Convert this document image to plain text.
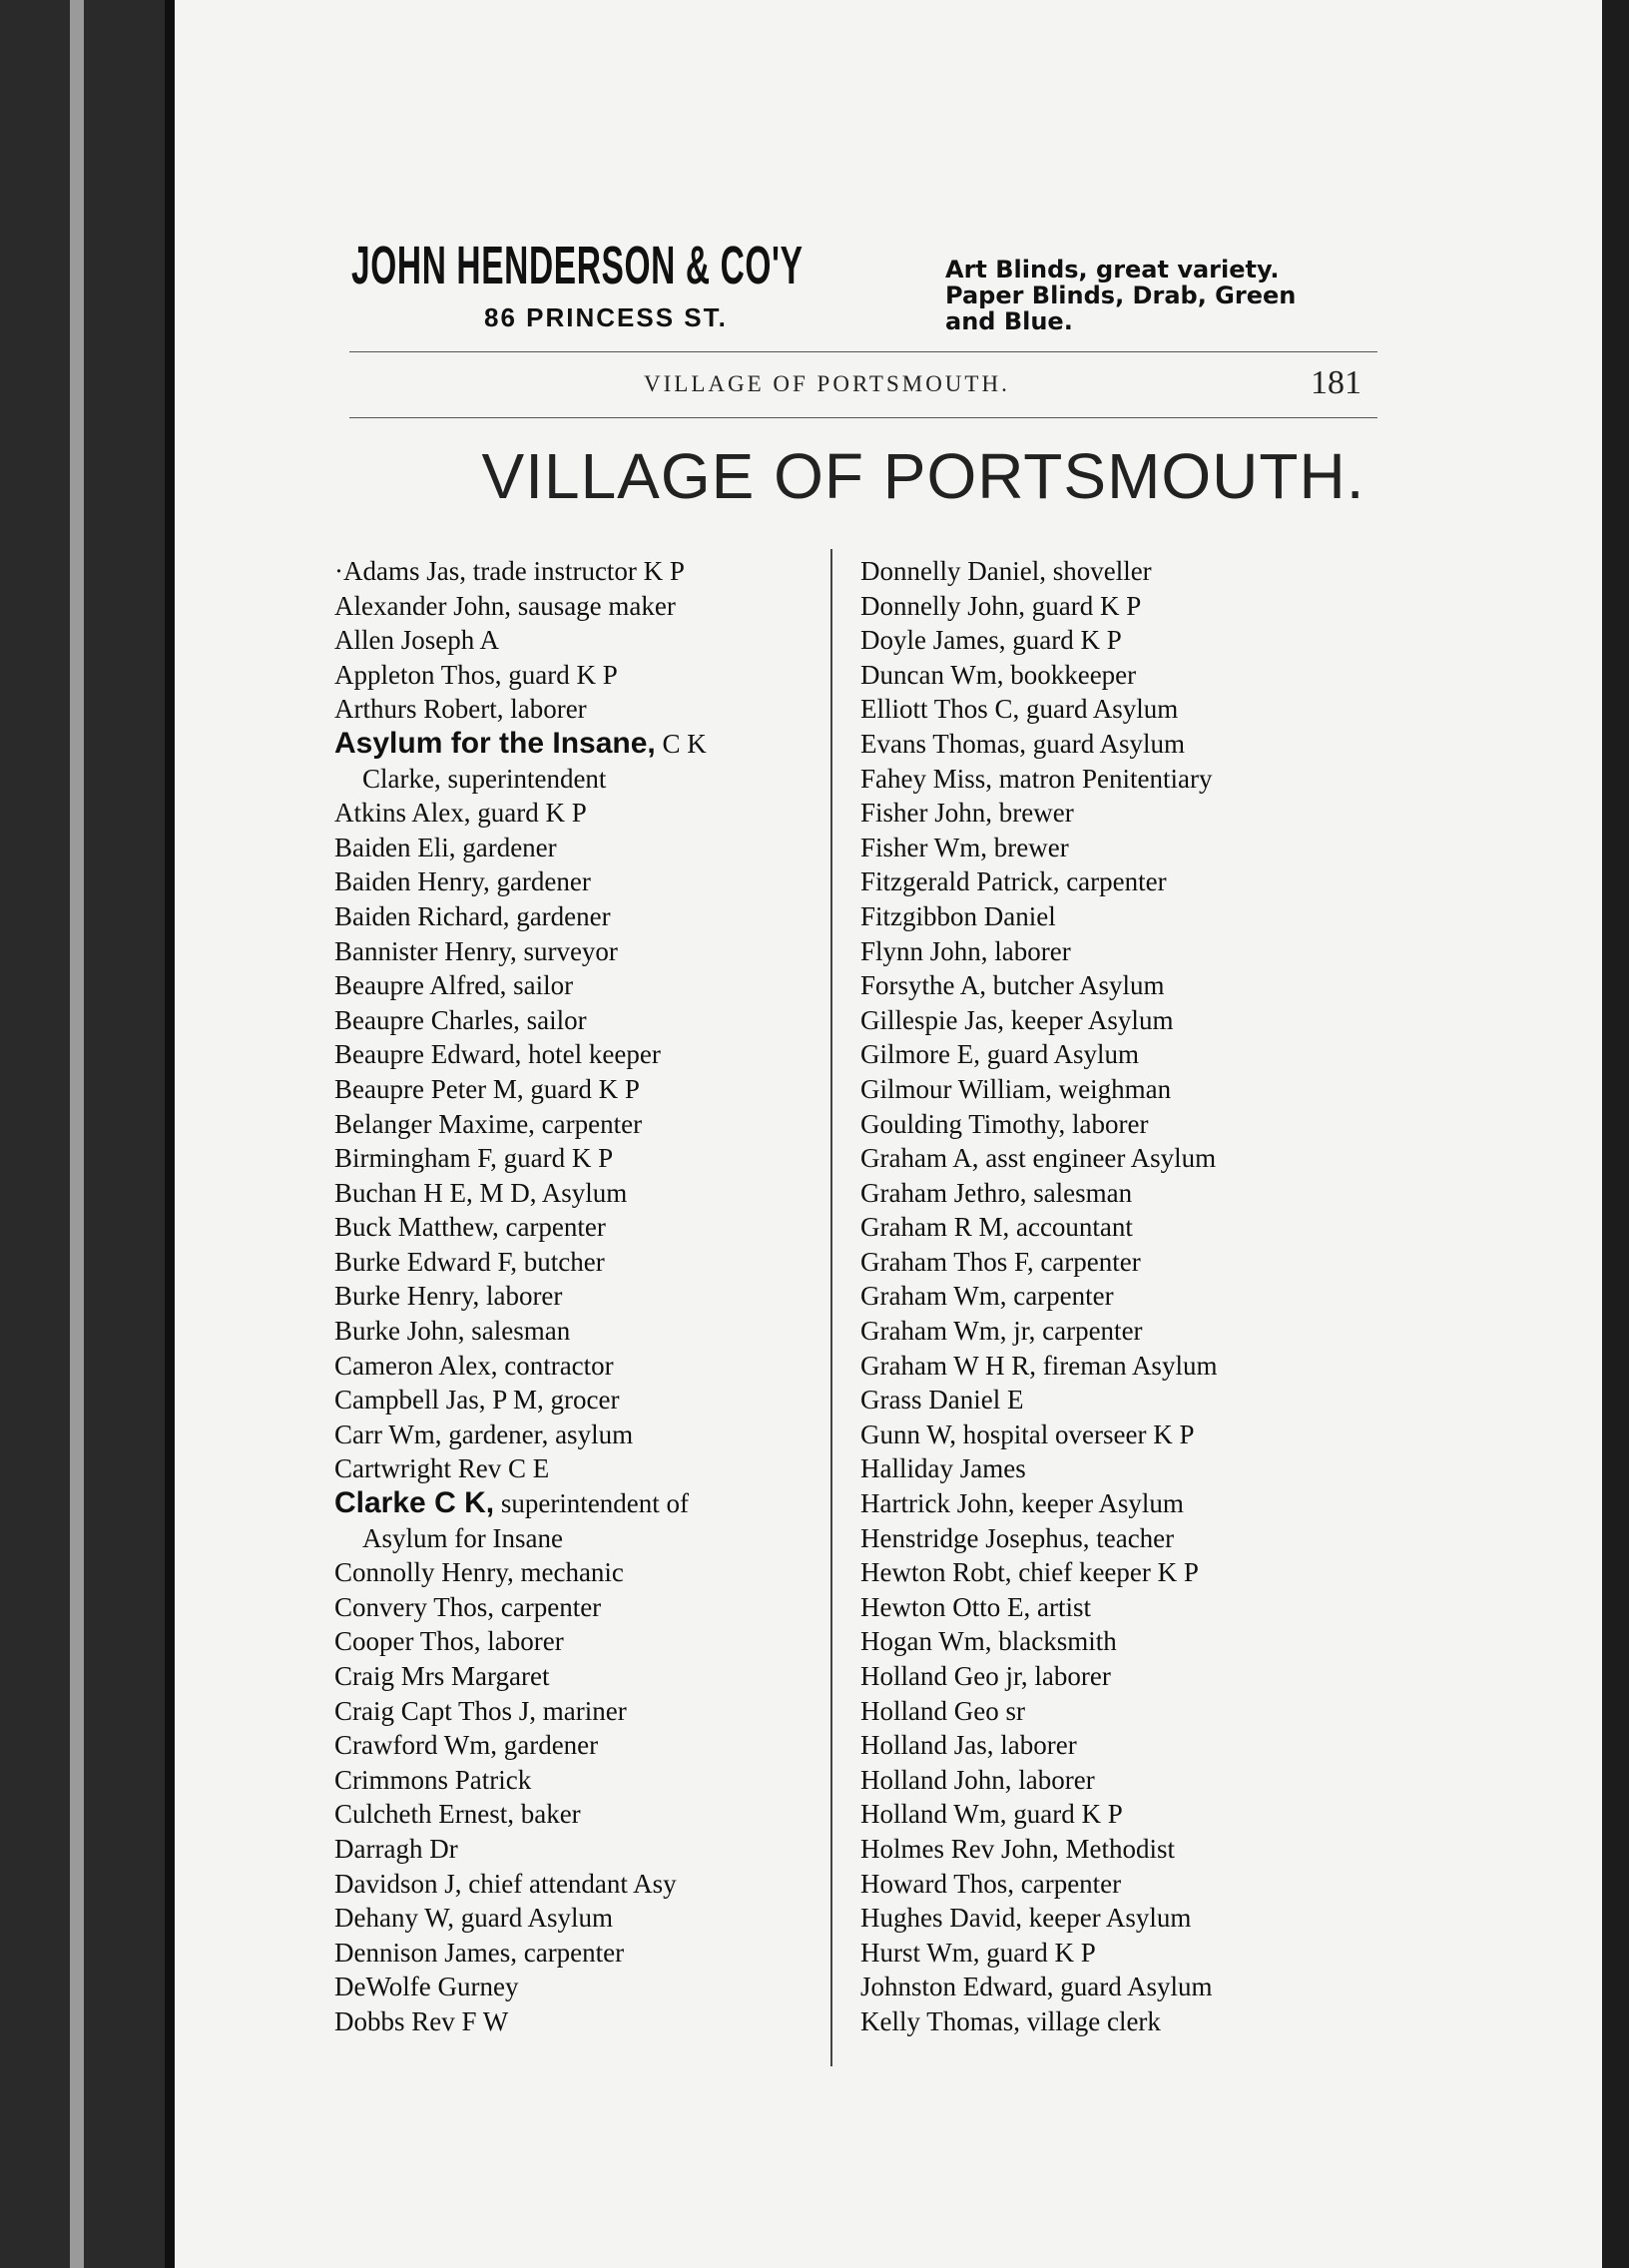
JOHN HENDERSON & CO'Y
86 PRINCESS ST.
Art Blinds, great variety.
Paper Blinds, Drab, Green
and Blue.
VILLAGE OF PORTSMOUTH.	181
VILLAGE OF PORTSMOUTH.
·Adams Jas, trade instructor K P
Alexander John, sausage maker
Allen Joseph A
Appleton Thos, guard K P
Arthurs Robert, laborer
Asylum for the Insane, C K
Clarke, superintendent
Atkins Alex, guard K P
Baiden Eli, gardener
Baiden Henry, gardener
Baiden Richard, gardener
Bannister Henry, surveyor
Beaupre Alfred, sailor
Beaupre Charles, sailor
Beaupre Edward, hotel keeper
Beaupre Peter M, guard K P
Belanger Maxime, carpenter
Birmingham F, guard K P
Buchan H E, M D, Asylum
Buck Matthew, carpenter
Burke Edward F, butcher
Burke Henry, laborer
Burke John, salesman
Cameron Alex, contractor
Campbell Jas, P M, grocer
Carr Wm, gardener, asylum
Cartwright Rev C E
Clarke C K, superintendent of
Asylum for Insane
Connolly Henry, mechanic
Convery Thos, carpenter
Cooper Thos, laborer
Craig Mrs Margaret
Craig Capt Thos J, mariner
Crawford Wm, gardener
Crimmons Patrick
Culcheth Ernest, baker
Darragh Dr
Davidson J, chief attendant Asy
Dehany W, guard Asylum
Dennison James, carpenter
DeWolfe Gurney
Dobbs Rev F W
Donnelly Daniel, shoveller
Donnelly John, guard K P
Doyle James, guard K P
Duncan Wm, bookkeeper
Elliott Thos C, guard Asylum
Evans Thomas, guard Asylum
Fahey Miss, matron Penitentiary
Fisher John, brewer
Fisher Wm, brewer
Fitzgerald Patrick, carpenter
Fitzgibbon Daniel
Flynn John, laborer
Forsythe A, butcher Asylum
Gillespie Jas, keeper Asylum
Gilmore E, guard Asylum
Gilmour William, weighman
Goulding Timothy, laborer
Graham A, asst engineer Asylum
Graham Jethro, salesman
Graham R M, accountant
Graham Thos F, carpenter
Graham Wm, carpenter
Graham Wm, jr, carpenter
Graham W H R, fireman Asylum
Grass Daniel E
Gunn W, hospital overseer K P
Halliday James
Hartrick John, keeper Asylum
Henstridge Josephus, teacher
Hewton Robt, chief keeper K P
Hewton Otto E, artist
Hogan Wm, blacksmith
Holland Geo jr, laborer
Holland Geo sr
Holland Jas, laborer
Holland John, laborer
Holland Wm, guard K P
Holmes Rev John, Methodist
Howard Thos, carpenter
Hughes David, keeper Asylum
Hurst Wm, guard K P
Johnston Edward, guard Asylum
Kelly Thomas, village clerk
